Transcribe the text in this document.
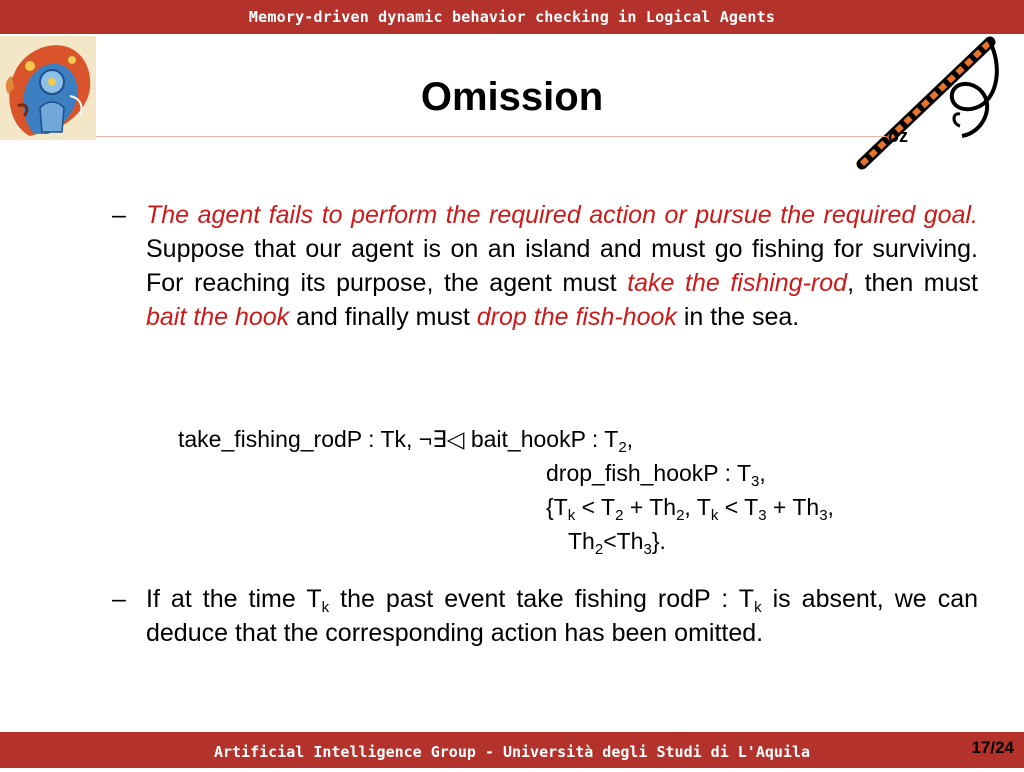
Memory-driven dynamic behavior checking in Logical Agents
oz
Omission

– The agent fails to perform the required action or pursue the required goal. Suppose that our agent is on an island and must go fishing for surviving. For reaching its purpose, the agent must take the fishing-rod, then must bait the hook and finally must drop the fish-hook in the sea.

take_fishing_rodP : Tk, ¬∃◁ bait_hookP : $T_2$,
drop_fish_hookP : $T_3$,
{$T_k < T_2 + Th_2$, $T_k < T_3 + Th_3$,
$Th_2<Th_3$}.

– If at the time $T_k$ the past event take fishing rodP : $T_k$ is absent, we can deduce that the corresponding action has been omitted.

Artificial Intelligence Group - Università degli Studi di L'Aquila	17/24
